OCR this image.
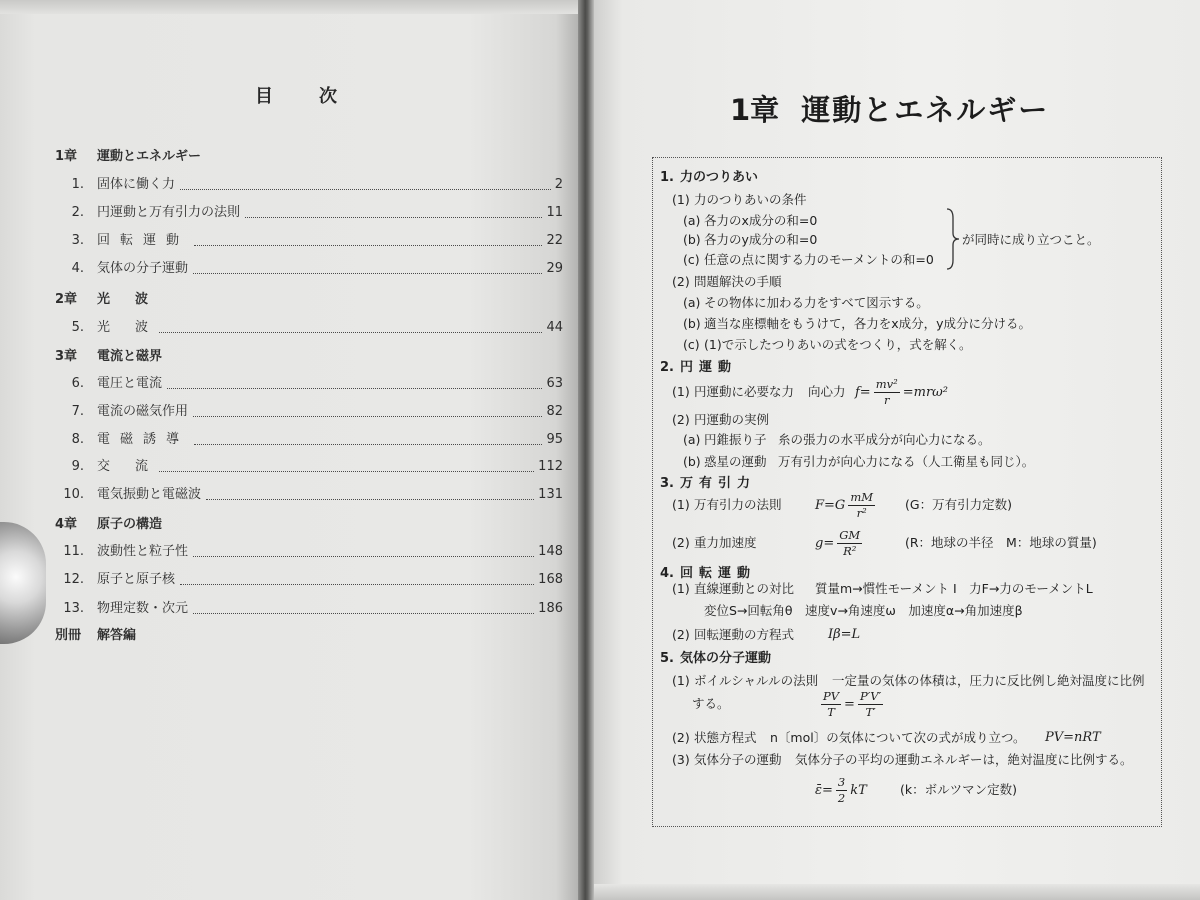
目　次
1章	運動とエネルギー
1. 固体に働く力	2
2. 円運動と万有引力の法則	11
3. 回転運動	22
4. 気体の分子運動	29
2章	光　波
5. 光　波	44
3章	電流と磁界
6. 電圧と電流	63
7. 電流の磁気作用	82
8. 電磁誘導	95
9. 交　流	112
10. 電気振動と電磁波	131
4章	原子の構造
11. 波動性と粒子性	148
12. 原子と原子核	168
13. 物理定数・次元	186
別冊	解答編
1章 運動とエネルギー
1. 力のつりあい
(1) 力のつりあいの条件
(a) 各力のx成分の和=0
(b) 各力のy成分の和=0
(c) 任意の点に関する力のモーメントの和=0
が同時に成り立つこと。
(2) 問題解決の手順
(a) その物体に加わる力をすべて図示する。
(b) 適当な座標軸をもうけて，各力をx成分，y成分に分ける。
(c) (1)で示したつりあいの式をつくり，式を解く。
2. 円運動
(1) 円運動に必要な力 向心力 $f= \frac{\text{mv²}}{r} =mr\omega^2$
(2) 円運動の実例
(a) 円錐振り子 糸の張力の水平成分が向心力になる。
(b) 惑星の運動 万有引力が向心力になる（人工衛星も同じ）。
3. 万有引力
(1) 万有引力の法則	$F=G \frac{mM}{\text{r²}} (G$：万有引力定数)
(2) 重力加速度	$g= \frac{GM}{\text{R²}}$	(R：地球の半径　M：地球の質量)
4. 回転運動
(1) 直線運動との対比 質量m→慣性モーメント I　力F→力のモーメントL
変位S→回転角θ　速度v→角速度ω　加速度α→角加速度β
(2) 回転運動の方程式	Iβ=L
5. 気体の分子運動
(1) ボイルシャルルの法則 一定量の気体の体積は，圧力に反比例し絶対温度に比例
する。	$\frac{PV}{T} = \frac{P'V'}{T'}$
(2) 状態方程式 n〔mol〕の気体について次の式が成り立つ。 PV=nRT
(3) 気体分子の運動 気体分子の平均の運動エネルギーは，絶対温度に比例する。
ε̄= $\frac{3}{2}$ kT	(k：ボルツマン定数)
